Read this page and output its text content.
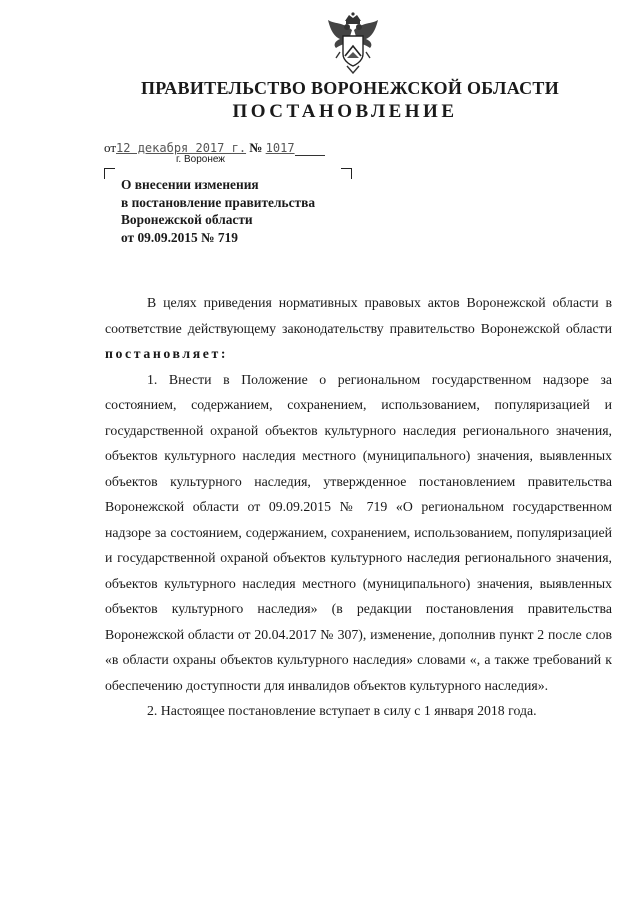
ПРАВИТЕЛЬСТВО ВОРОНЕЖСКОЙ ОБЛАСТИ
ПОСТАНОВЛЕНИЕ
от12 декабря 2017 г. № 1017
г. Воронеж
О внесении изменения
в постановление правительства
Воронежской области
от 09.09.2015 № 719

В целях приведения нормативных правовых актов Воронежской области в соответствие действующему законодательству правительство Воронежской области постановляет:

1. Внести в Положение о региональном государственном надзоре за состоянием, содержанием, сохранением, использованием, популяризацией и государственной охраной объектов культурного наследия регионального значения, объектов культурного наследия местного (муниципального) значения, выявленных объектов культурного наследия, утвержденное постановлением правительства Воронежской области от 09.09.2015 № 719 «О региональном государственном надзоре за состоянием, содержанием, сохранением, использованием, популяризацией и государственной охраной объектов культурного наследия регионального значения, объектов культурного наследия местного (муниципального) значения, выявленных объектов культурного наследия» (в редакции постановления правительства Воронежской области от 20.04.2017 № 307), изменение, дополнив пункт 2 после слов «в области охраны объектов культурного наследия» словами «, а также требований к обеспечению доступности для инвалидов объектов культурного наследия».

2. Настоящее постановление вступает в силу с 1 января 2018 года.
